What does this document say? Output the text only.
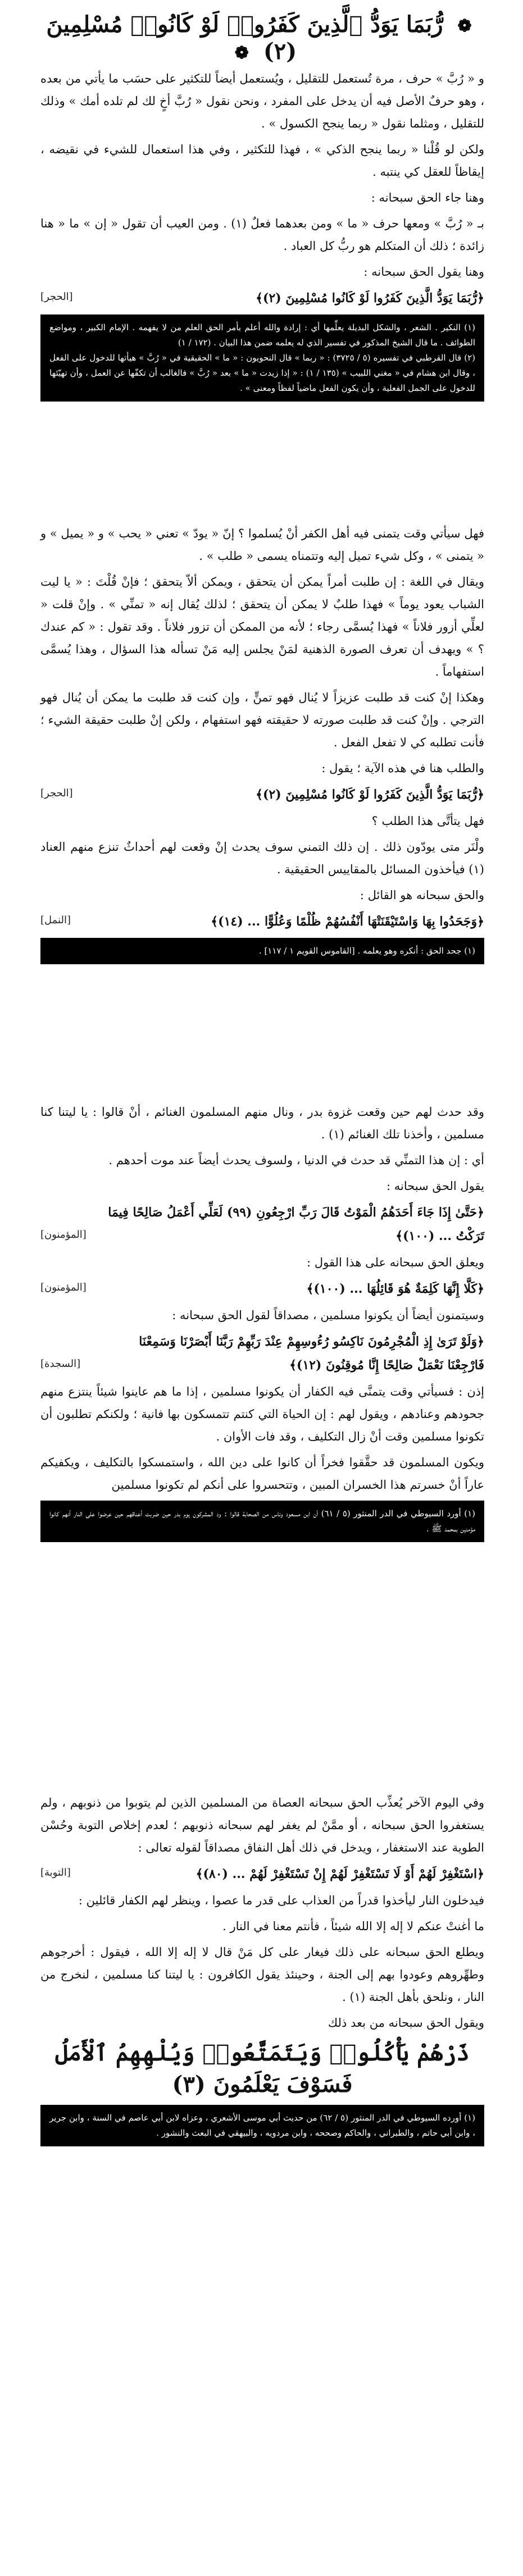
❁ رُّبَمَا يَوَدُّ ٱلَّذِينَ كَفَرُوا۟ لَوْ كَانُوا۟ مُسْلِمِينَ (٢) ❁

و « رُبَّ » حرف ، مرة تُستعمل للتقليل ، ويُستعمل أيضاً للتكثير على حسَب ما يأتي من بعده ، وهو حرفٌ الأصل فيه أن يدخل على المفرد ، ونحن نقول « رُبَّ أخٍ لك لم تلده أمك » وذلك للتقليل ، ومثلما نقول « ربما ينجح الكسول » .

ولكن لو قُلْنا « ربما ينجح الذكي » ، فهذا للتكثير ، وفي هذا استعمال للشيء في نقيضه ، إيقاظاً للعقل كي ينتبه .

وهنا جاء الحق سبحانه :

بـ « رُبَّ » ومعها حرف « ما » ومن بعدهما فعلٌ (١) . ومن العيب أن تقول « إن » ما « هنا زائدة ؛ ذلك أن المتكلم هو ربُّ كل العباد .

وهنا يقول الحق سبحانه :

﴿رُّبَمَا يَوَدُّ الَّذِينَ كَفَرُوا لَوْ كَانُوا مُسْلِمِينَ (٢)﴾
[الحجر]
(١) النكير . الشعر ، والشكل البديلة يعلِّمها أي : إرادة والله أعلم بأمر الحق العلم من لا يفهمه . الإمام الكبير ، ومواضع الطوائف . ما قال الشيخ المذكور في تفسير الذي له يعلمه ضمن هذا البيان . (١٧٢ / ١)
(٢) قال القرطبي في تفسيره (٥ / ٣٧٢٥) : « ربما » قال النحويون : « ما » الحقيقية في « رُبَّ » هيأتها للدخول على الفعل ، وقال ابن هشام في « مغني اللبيب » (١٣٥ / ١) : « إذا زيدت « ما » بعد « رُبَّ » فالغالب أن تكفّها عن العمل ، وأن تهيّئها للدخول على الجمل الفعلية ، وأن يكون الفعل ماضياً لفظاً ومعنى » .

فهل سيأتي وقت يتمنى فيه أهل الكفر أنْ يُسلموا ؟ إنّ « يودّ » تعني « يحب » و « يميل » و « يتمنى » ، وكل شيء تميل إليه وتتمناه يسمى « طلب » .

ويقال في اللغة : إن طلبت أمراً يمكن أن يتحقق ، ويمكن ألاّ يتحقق ؛ فإنْ قُلْتَ : « يا ليت الشباب يعود يوماً » فهذا طلبٌ لا يمكن أن يتحقق ؛ لذلك يُقال إنه « تمنِّي » . وإنْ قلت « لعلِّي أزور فلاناً » فهذا يُسمَّى رجاء ؛ لأنه من الممكن أن تزور فلاناً . وقد تقول : « كم عندك ؟ » ويهدف أن تعرف الصورة الذهنية لمَنْ يجلس إليه مَنْ تسأله هذا السؤال ، وهذا يُسمَّى استفهاماً .

وهكذا إنْ كنت قد طلبت عزيزاً لا يُنال فهو تمنٍّ ، وإن كنت قد طلبت ما يمكن أن يُنال فهو الترجي . وإنْ كنت قد طلبت صورته لا حقيقته فهو استفهام ، ولكن إنْ طلبت حقيقة الشيء ؛ فأنت تطلبه كي لا تفعل الفعل .

والطلب هنا في هذه الآية ؛ يقول :

﴿رُّبَمَا يَوَدُّ الَّذِينَ كَفَرُوا لَوْ كَانُوا مُسْلِمِينَ (٢)﴾
[الحجر]

فهل يتأتَّى هذا الطلب ؟

ولْنَر متى يودّون ذلك . إن ذلك التمني سوف يحدث إنْ وقعت لهم أحداثٌ تنزع منهم العناد (١) فيأخذون المسائل بالمقاييس الحقيقية .

والحق سبحانه هو القائل :

﴿وَجَحَدُوا بِهَا وَاسْتَيْقَنَتْهَا أَنْفُسُهُمْ ظُلْمًا وَعُلُوًّا ... (١٤)﴾
[النمل]
(١) جحد الحق : أنكره وهو يعلمه . [القاموس القويم ١ / ١١٧] .

وقد حدث لهم حين وقعت غزوة بدر ، ونال منهم المسلمون الغنائم ، أنْ قالوا : يا ليتنا كنا مسلمين ، وأخذنا تلك الغنائم (١) .

أي : إن هذا التمنِّي قد حدث في الدنيا ، ولسوف يحدث أيضاً عند موت أحدهم .

يقول الحق سبحانه :

﴿حَتَّىٰ إِذَا جَاءَ أَحَدَهُمُ الْمَوْتُ قَالَ رَبِّ ارْجِعُونِ (٩٩) لَعَلِّي أَعْمَلُ صَالِحًا فِيمَا تَرَكْتُ ... (١٠٠)﴾
[المؤمنون]

ويعلق الحق سبحانه على هذا القول :

﴿كَلَّا إِنَّهَا كَلِمَةٌ هُوَ قَائِلُهَا ... (١٠٠)﴾
[المؤمنون]

وسيتمنون أيضاً أن يكونوا مسلمين ، مصداقاً لقول الحق سبحانه :

﴿وَلَوْ تَرَىٰ إِذِ الْمُجْرِمُونَ نَاكِسُو رُءُوسِهِمْ عِنْدَ رَبِّهِمْ رَبَّنَا أَبْصَرْنَا وَسَمِعْنَا فَارْجِعْنَا نَعْمَلْ صَالِحًا إِنَّا مُوقِنُونَ (١٢)﴾
[السجدة]

إذن : فسيأتي وقت يتمنَّى فيه الكفار أن يكونوا مسلمين ، إذا ما هم عاينوا شيئاً ينتزع منهم جحودهم وعنادهم ، ويقول لهم : إن الحياة التي كنتم تتمسكون بها فانية ؛ ولكنكم تطلبون أن تكونوا مسلمين وقت أنْ زال التكليف ، وقد فات الأوان .

ويكون المسلمون قد حقَّقوا فخراً أن كانوا على دين الله ، واستمسكوا بالتكليف ، ويكفيكم عاراً أنْ خسرتم هذا الخسران المبين ، وتتحسروا على أنكم لم تكونوا مسلمين

(١) أورد السيوطي في الدر المنثور (٥ / ٦١) أن ابن مسعود وناس من الصحابة قالوا : ود المشركون يوم بدر حين ضربت أعناقهم حين عرضوا على النار أنهم كانوا مؤمنين بمحمد ﷺ .

وفي اليوم الآخر يُعذِّب الحق سبحانه العصاة من المسلمين الذين لم يتوبوا من ذنوبهم ، ولم يستغفروا الحق سبحانه ، أو ممَّنْ لم يغفر لهم سبحانه ذنوبهم ؛ لعدم إخلاص التوبة وحُسْن الطوية عند الاستغفار ، ويدخل في ذلك أهل النفاق مصداقاً لقوله تعالى :

﴿اسْتَغْفِرْ لَهُمْ أَوْ لَا تَسْتَغْفِرْ لَهُمْ إِنْ تَسْتَغْفِرْ لَهُمْ ... (٨٠)﴾
[التوبة]

فيدخلون النار ليأخذوا قدراً من العذاب على قدر ما عصوا ، وينظر لهم الكفار قائلين :

ما أغنتْ عنكم لا إله إلا الله شيئاً ، فأنتم معنا في النار .

ويطلع الحق سبحانه على ذلك فيغار على كل مَنْ قال لا إله إلا الله ، فيقول : أخرجوهم وطهِّروهم وعودوا بهم إلى الجنة ، وحينئذ يقول الكافرون : يا ليتنا كنا مسلمين ، لنخرج من النار ، ونلحق بأهل الجنة (١) .

ويقول الحق سبحانه من بعد ذلك

ذَرْهُمْ يَأْكُلُوا۟ وَيَتَمَتَّعُوا۟ وَيُلْهِهِمُ ٱلْأَمَلُ
فَسَوْفَ يَعْلَمُونَ (٣)
(١) أورده السيوطي في الدر المنثور (٥ / ٦٢) من حديث أبي موسى الأشعري ، وعزاه لابن أبي عاصم في السنة ، وابن جرير ، وابن أبي حاتم ، والطبراني ، والحاكم وصححه ، وابن مردويه ، والبيهقي في البعث والنشور .
